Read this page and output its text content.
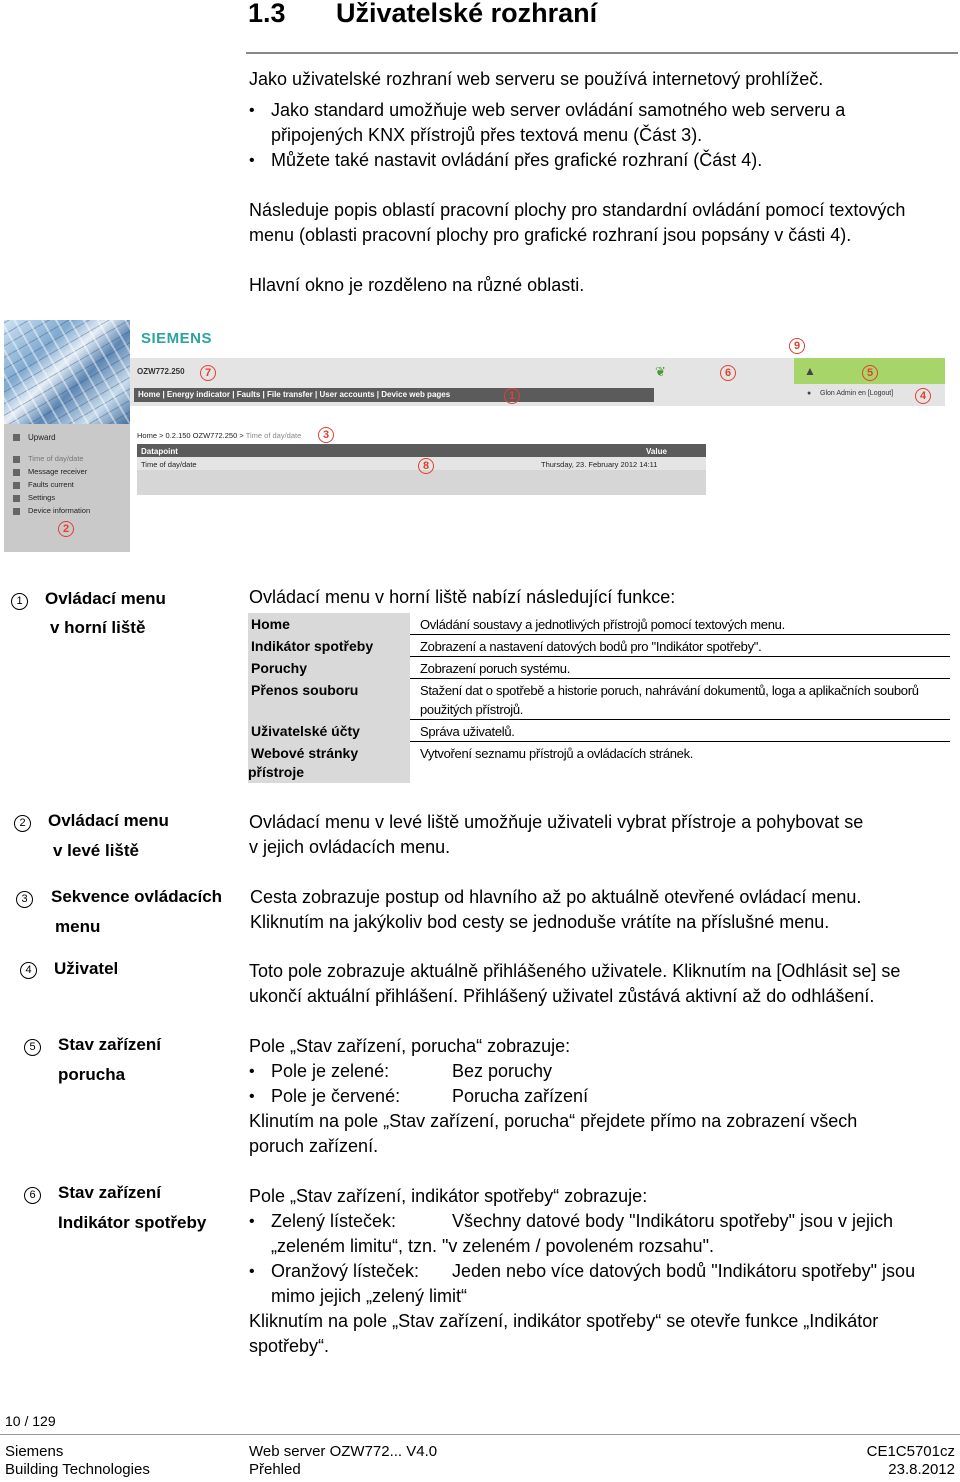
1.3 Uživatelské rozhraní
Jako uživatelské rozhraní web serveru se používá internetový prohlížeč.
• Jako standard umožňuje web server ovládání samotného web serveru a
připojených KNX přístrojů přes textová menu (Část 3).
• Můžete také nastavit ovládání přes grafické rozhraní (Část 4).
Následuje popis oblastí pracovní plochy pro standardní ovládání pomocí textových
menu (oblasti pracovní plochy pro grafické rozhraní jsou popsány v části 4).
Hlavní okno je rozděleno na různé oblasti.
SIEMENS
OZW772.250
Home | Energy indicator | Faults | File transfer | User accounts | Device web pages
❦	▲
● Glon Admin en [Logout]
Upward
Time of day/date
Message receiver
Faults current
Settings
Device information
Home > 0.2.150 OZW772.250 > Time of day/date
Datapoint	Value
Time of day/date	Thursday, 23. February 2012 14:11
7
1
2
3
4
5
6
8
9
1	Ovládací menu
v horní liště
Ovládací menu v horní liště nabízí následující funkce:
Home	Ovládání soustavy a jednotlivých přístrojů pomocí textových menu.
Indikátor spotřeby	Zobrazení a nastavení datových bodů pro "Indikátor spotřeby".
Poruchy	Zobrazení poruch systému.
Přenos souboru	Stažení dat o spotřebě a historie poruch, nahrávání dokumentů, loga a aplikačních souborů
použitých přístrojů.
Uživatelské účty	Správa uživatelů.
Webové stránky
přístroje
Vytvoření seznamu přístrojů a ovládacích stránek.
2	Ovládací menu
v levé liště
Ovládací menu v levé liště umožňuje uživateli vybrat přístroje a pohybovat se
v jejich ovládacích menu.
3	Sekvence ovládacích
menu
Cesta zobrazuje postup od hlavního až po aktuálně otevřené ovládací menu.
Kliknutím na jakýkoliv bod cesty se jednoduše vrátíte na příslušné menu.
4	Uživatel	Toto pole zobrazuje aktuálně přihlášeného uživatele. Kliknutím na [Odhlásit se] se
ukončí aktuální přihlášení. Přihlášený uživatel zůstává aktivní až do odhlášení.
5	Stav zařízení
porucha
Pole „Stav zařízení, porucha“ zobrazuje:
• Pole je zelené:	Bez poruchy
• Pole je červené:	Porucha zařízení
Klinutím na pole „Stav zařízení, porucha“ přejdete přímo na zobrazení všech
poruch zařízení.
6	Stav zařízení
Indikátor spotřeby
Pole „Stav zařízení, indikátor spotřeby“ zobrazuje:
• Zelený lísteček:	Všechny datové body "Indikátoru spotřeby" jsou v jejich
„zeleném limitu“, tzn. "v zeleném / povoleném rozsahu".
• Oranžový lísteček: Jeden nebo více datových bodů "Indikátoru spotřeby" jsou
mimo jejich „zelený limit“
Kliknutím na pole „Stav zařízení, indikátor spotřeby“ se otevře funkce „Indikátor
spotřeby“.
10 / 129
Siemens
Building Technologies
Web server OZW772... V4.0
Přehled
CE1C5701cz
23.8.2012
